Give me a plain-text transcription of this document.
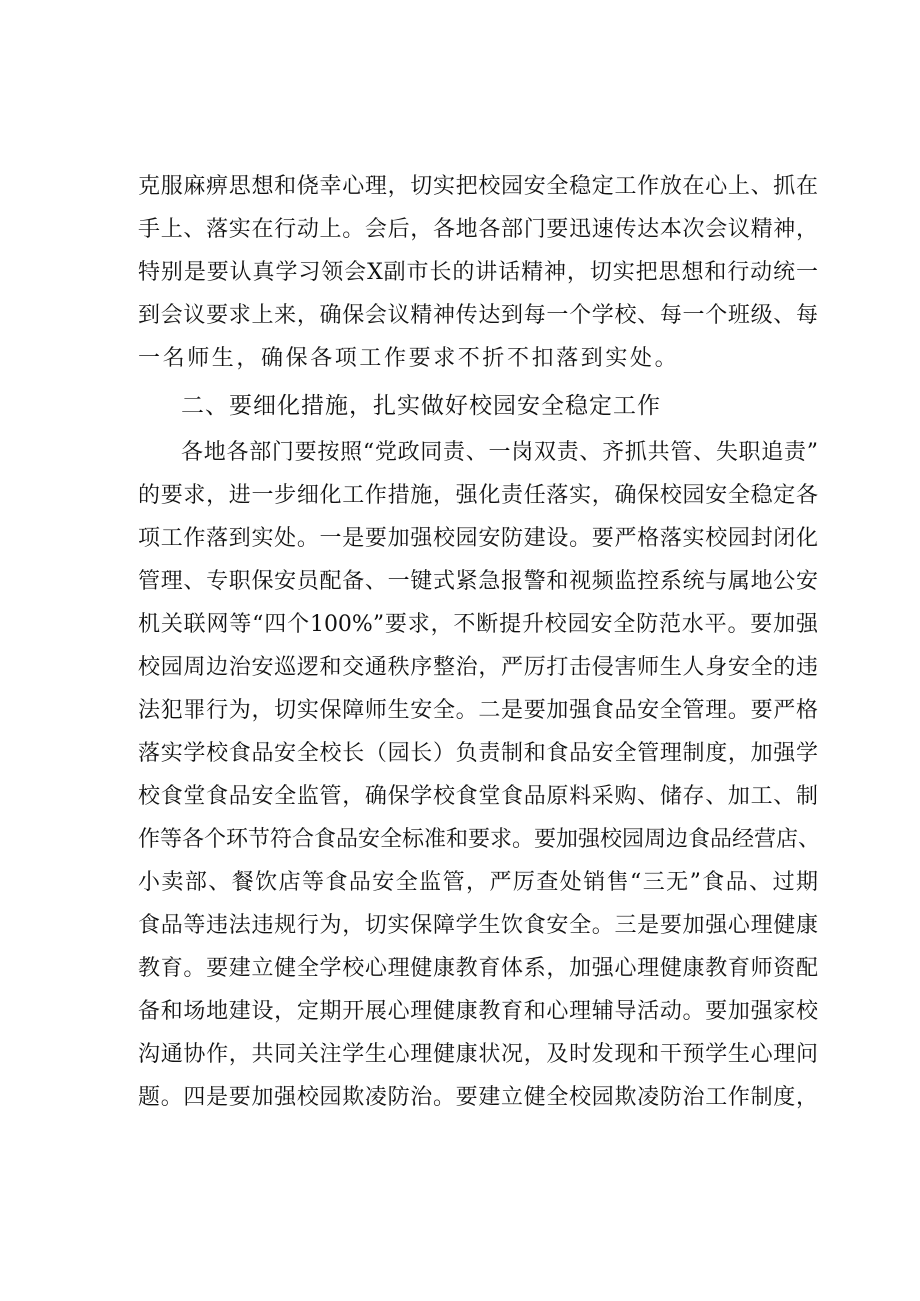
克服麻痹思想和侥幸心理，切实把校园安全稳定工作放在心上、抓在
手上、落实在行动上。会后，各地各部门要迅速传达本次会议精神，
特别是要认真学习领会X副市长的讲话精神，切实把思想和行动统一
到会议要求上来，确保会议精神传达到每一个学校、每一个班级、每
一名师生，确保各项工作要求不折不扣落到实处。
二、要细化措施，扎实做好校园安全稳定工作
各地各部门要按照“党政同责、一岗双责、齐抓共管、失职追责”
的要求，进一步细化工作措施，强化责任落实，确保校园安全稳定各
项工作落到实处。一是要加强校园安防建设。要严格落实校园封闭化
管理、专职保安员配备、一键式紧急报警和视频监控系统与属地公安
机关联网等“四个100%”要求，不断提升校园安全防范水平。要加强
校园周边治安巡逻和交通秩序整治，严厉打击侵害师生人身安全的违
法犯罪行为，切实保障师生安全。二是要加强食品安全管理。要严格
落实学校食品安全校长（园长）负责制和食品安全管理制度，加强学
校食堂食品安全监管，确保学校食堂食品原料采购、储存、加工、制
作等各个环节符合食品安全标准和要求。要加强校园周边食品经营店、
小卖部、餐饮店等食品安全监管，严厉查处销售“三无”食品、过期
食品等违法违规行为，切实保障学生饮食安全。三是要加强心理健康
教育。要建立健全学校心理健康教育体系，加强心理健康教育师资配
备和场地建设，定期开展心理健康教育和心理辅导活动。要加强家校
沟通协作，共同关注学生心理健康状况，及时发现和干预学生心理问
题。四是要加强校园欺凌防治。要建立健全校园欺凌防治工作制度，
